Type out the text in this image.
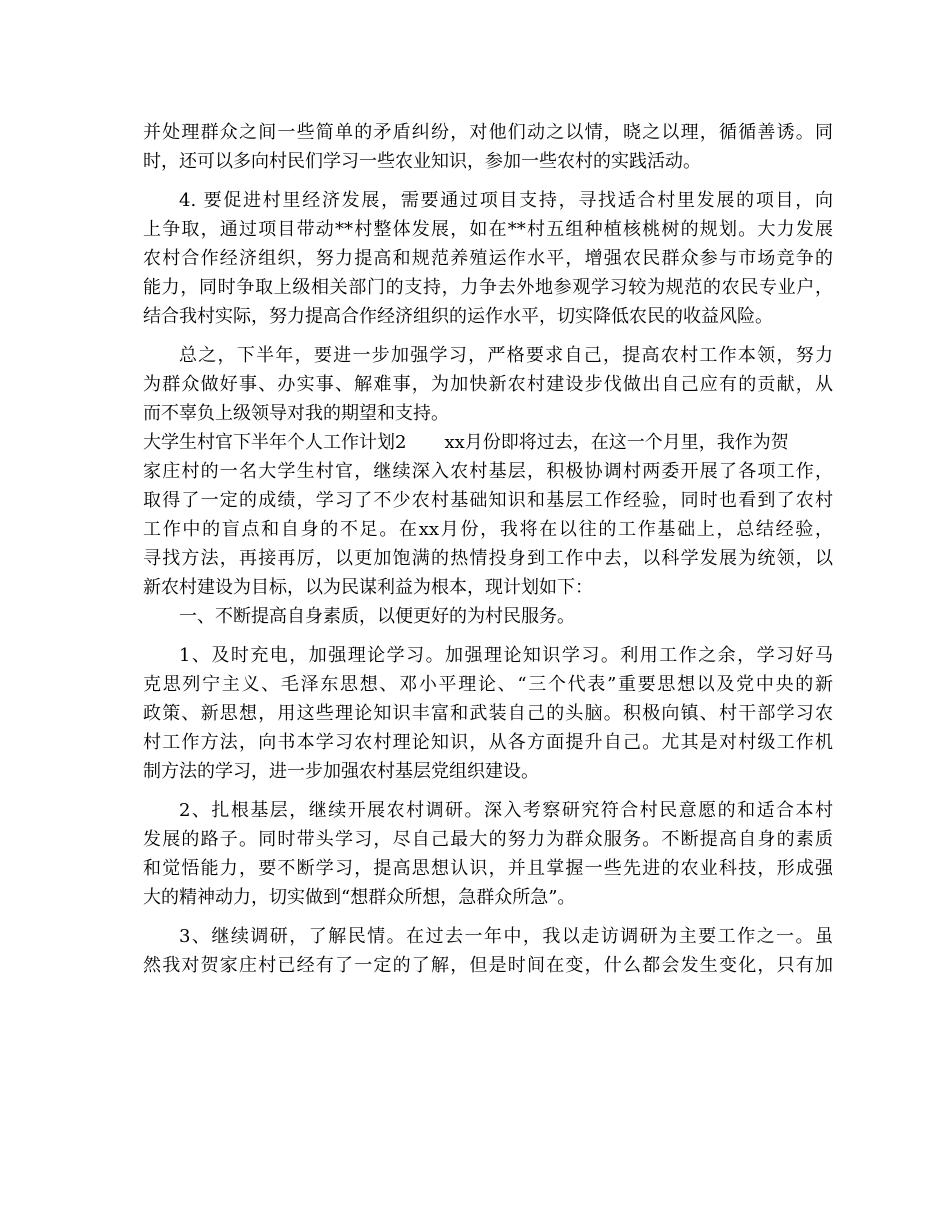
并处理群众之间一些简单的矛盾纠纷，对他们动之以情，晓之以理，循循善诱。同
时，还可以多向村民们学习一些农业知识，参加一些农村的实践活动。
4. 要促进村里经济发展，需要通过项目支持，寻找适合村里发展的项目，向
上争取，通过项目带动**村整体发展，如在**村五组种植核桃树的规划。大力发展
农村合作经济组织，努力提高和规范养殖运作水平，增强农民群众参与市场竞争的
能力，同时争取上级相关部门的支持，力争去外地参观学习较为规范的农民专业户，
结合我村实际，努力提高合作经济组织的运作水平，切实降低农民的收益风险。
总之，下半年，要进一步加强学习，严格要求自己，提高农村工作本领，努力
为群众做好事、办实事、解难事，为加快新农村建设步伐做出自己应有的贡献，从
而不辜负上级领导对我的期望和支持。
大学生村官下半年个人工作计划2 xx月份即将过去，在这一个月里，我作为贺
家庄村的一名大学生村官，继续深入农村基层，积极协调村两委开展了各项工作，
取得了一定的成绩，学习了不少农村基础知识和基层工作经验，同时也看到了农村
工作中的盲点和自身的不足。在xx月份，我将在以往的工作基础上，总结经验，
寻找方法，再接再厉，以更加饱满的热情投身到工作中去，以科学发展为统领，以
新农村建设为目标，以为民谋利益为根本，现计划如下：
一、不断提高自身素质，以便更好的为村民服务。
1、及时充电，加强理论学习。加强理论知识学习。利用工作之余，学习好马
克思列宁主义、毛泽东思想、邓小平理论、“三个代表”重要思想以及党中央的新
政策、新思想，用这些理论知识丰富和武装自己的头脑。积极向镇、村干部学习农
村工作方法，向书本学习农村理论知识，从各方面提升自己。尤其是对村级工作机
制方法的学习，进一步加强农村基层党组织建设。
2、扎根基层，继续开展农村调研。深入考察研究符合村民意愿的和适合本村
发展的路子。同时带头学习，尽自己最大的努力为群众服务。不断提高自身的素质
和觉悟能力，要不断学习，提高思想认识，并且掌握一些先进的农业科技，形成强
大的精神动力，切实做到“想群众所想，急群众所急”。
3、继续调研，了解民情。在过去一年中，我以走访调研为主要工作之一。虽
然我对贺家庄村已经有了一定的了解，但是时间在变，什么都会发生变化，只有加
